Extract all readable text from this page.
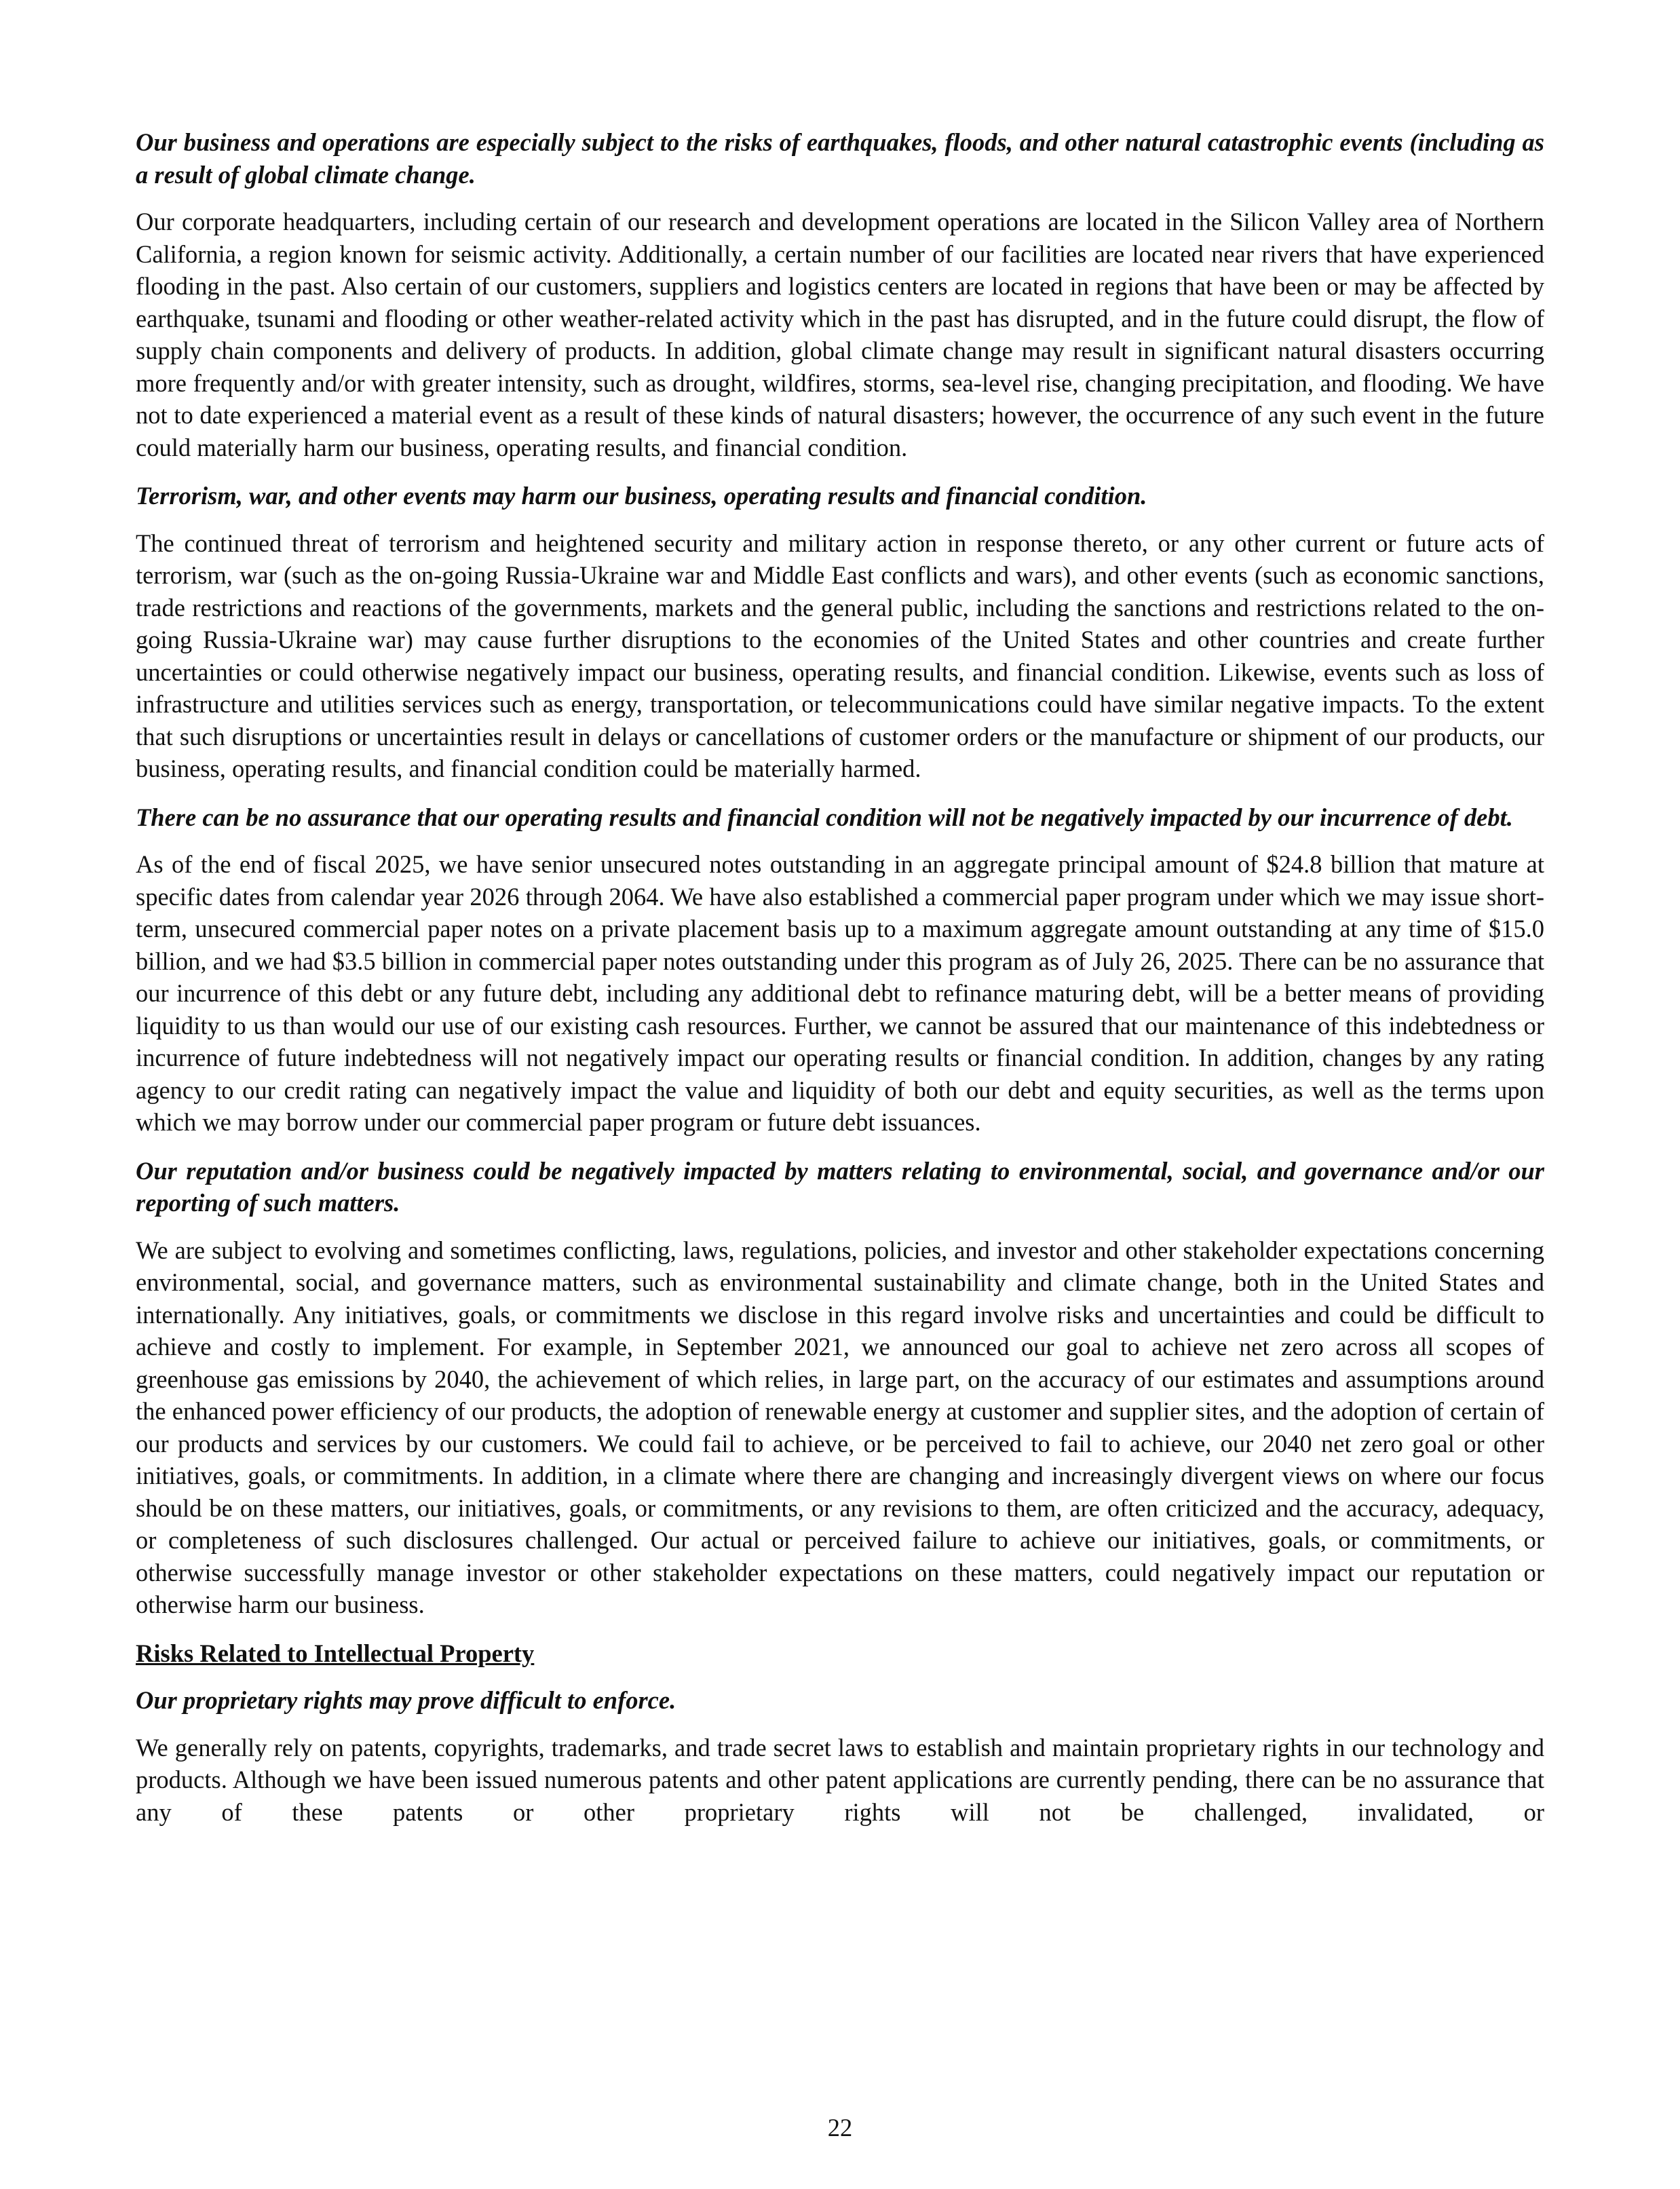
Our business and operations are especially subject to the risks of earthquakes, floods, and other natural catastrophic events (including as a result of global climate change.

Our corporate headquarters, including certain of our research and development operations are located in the Silicon Valley area of Northern California, a region known for seismic activity. Additionally, a certain number of our facilities are located near rivers that have experienced flooding in the past. Also certain of our customers, suppliers and logistics centers are located in regions that have been or may be affected by earthquake, tsunami and flooding or other weather-related activity which in the past has disrupted, and in the future could disrupt, the flow of supply chain components and delivery of products. In addition, global climate change may result in significant natural disasters occurring more frequently and/or with greater intensity, such as drought, wildfires, storms, sea-level rise, changing precipitation, and flooding. We have not to date experienced a material event as a result of these kinds of natural disasters; however, the occurrence of any such event in the future could materially harm our business, operating results, and financial condition.

Terrorism, war, and other events may harm our business, operating results and financial condition.

The continued threat of terrorism and heightened security and military action in response thereto, or any other current or future acts of terrorism, war (such as the on-going Russia-Ukraine war and Middle East conflicts and wars), and other events (such as economic sanctions, trade restrictions and reactions of the governments, markets and the general public, including the sanctions and restrictions related to the on-going Russia-Ukraine war) may cause further disruptions to the economies of the United States and other countries and create further uncertainties or could otherwise negatively impact our business, operating results, and financial condition. Likewise, events such as loss of infrastructure and utilities services such as energy, transportation, or telecommunications could have similar negative impacts. To the extent that such disruptions or uncertainties result in delays or cancellations of customer orders or the manufacture or shipment of our products, our business, operating results, and financial condition could be materially harmed.

There can be no assurance that our operating results and financial condition will not be negatively impacted by our incurrence of debt.

As of the end of fiscal 2025, we have senior unsecured notes outstanding in an aggregate principal amount of $24.8 billion that mature at specific dates from calendar year 2026 through 2064. We have also established a commercial paper program under which we may issue short-term, unsecured commercial paper notes on a private placement basis up to a maximum aggregate amount outstanding at any time of $15.0 billion, and we had $3.5 billion in commercial paper notes outstanding under this program as of July 26, 2025. There can be no assurance that our incurrence of this debt or any future debt, including any additional debt to refinance maturing debt, will be a better means of providing liquidity to us than would our use of our existing cash resources. Further, we cannot be assured that our maintenance of this indebtedness or incurrence of future indebtedness will not negatively impact our operating results or financial condition. In addition, changes by any rating agency to our credit rating can negatively impact the value and liquidity of both our debt and equity securities, as well as the terms upon which we may borrow under our commercial paper program or future debt issuances.

Our reputation and/or business could be negatively impacted by matters relating to environmental, social, and governance and/or our reporting of such matters.

We are subject to evolving and sometimes conflicting, laws, regulations, policies, and investor and other stakeholder expectations concerning environmental, social, and governance matters, such as environmental sustainability and climate change, both in the United States and internationally. Any initiatives, goals, or commitments we disclose in this regard involve risks and uncertainties and could be difficult to achieve and costly to implement. For example, in September 2021, we announced our goal to achieve net zero across all scopes of greenhouse gas emissions by 2040, the achievement of which relies, in large part, on the accuracy of our estimates and assumptions around the enhanced power efficiency of our products, the adoption of renewable energy at customer and supplier sites, and the adoption of certain of our products and services by our customers. We could fail to achieve, or be perceived to fail to achieve, our 2040 net zero goal or other initiatives, goals, or commitments. In addition, in a climate where there are changing and increasingly divergent views on where our focus should be on these matters, our initiatives, goals, or commitments, or any revisions to them, are often criticized and the accuracy, adequacy, or completeness of such disclosures challenged. Our actual or perceived failure to achieve our initiatives, goals, or commitments, or otherwise successfully manage investor or other stakeholder expectations on these matters, could negatively impact our reputation or otherwise harm our business.

Risks Related to Intellectual Property

Our proprietary rights may prove difficult to enforce.

We generally rely on patents, copyrights, trademarks, and trade secret laws to establish and maintain proprietary rights in our technology and products. Although we have been issued numerous patents and other patent applications are currently pending, there can be no assurance that any of these patents or other proprietary rights will not be challenged, invalidated, or

22
